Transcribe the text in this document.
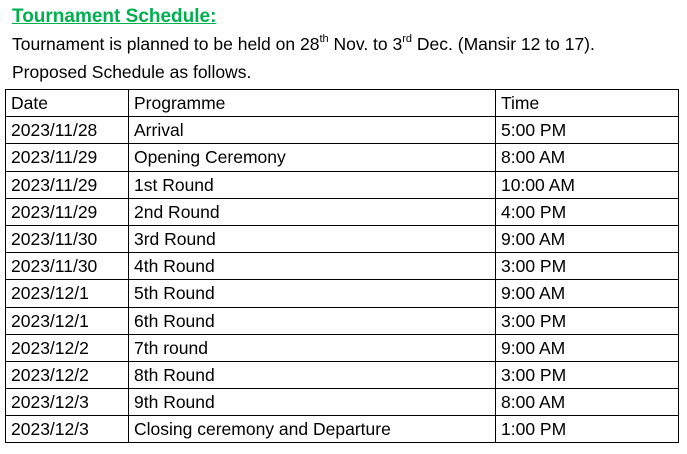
Tournament Schedule:

Tournament is planned to be held on 28th Nov. to 3rd Dec. (Mansir 12 to 17).

Proposed Schedule as follows.

Date	Programme	Time
2023/11/28	Arrival	5:00 PM
2023/11/29	Opening Ceremony	8:00 AM
2023/11/29	1st Round	10:00 AM
2023/11/29	2nd Round	4:00 PM
2023/11/30	3rd Round	9:00 AM
2023/11/30	4th Round	3:00 PM
2023/12/1	5th Round	9:00 AM
2023/12/1	6th Round	3:00 PM
2023/12/2	7th round	9:00 AM
2023/12/2	8th Round	3:00 PM
2023/12/3	9th Round	8:00 AM
2023/12/3	Closing ceremony and Departure	1:00 PM
